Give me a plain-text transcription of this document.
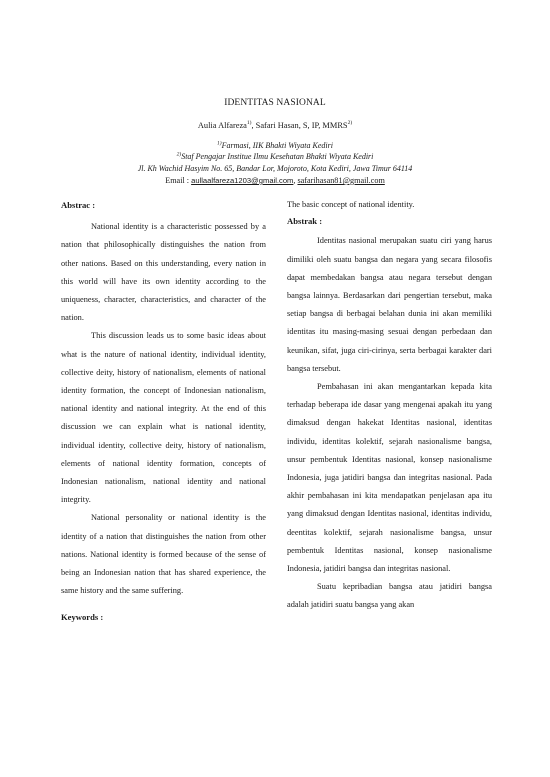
IDENTITAS NASIONAL
Aulia Alfareza$^{1)}$, Safari Hasan, S, IP, MMRS$^{2)}$
$^{1)}$Farmasi, IIK Bhakti Wiyata Kediri
$^{2)}$Staf Pengajar Institue Ilmu Kesehatan Bhakti Wiyata Kediri
Jl. Kh Wachid Hasyim No. 65, Bandar Lor, Mojoroto, Kota Kediri, Jawa Timur 64114
Email : aullaalfareza1203@gmail.com, safarihasan81@gmail.com
Abstrac :

National identity is a characteristic possessed by a nation that philosophically distinguishes the nation from other nations. Based on this understanding, every nation in this world will have its own identity according to the uniqueness, character, characteristics, and character of the nation.

This discussion leads us to some basic ideas about what is the nature of national identity, individual identity, collective deity, history of nationalism, elements of national identity formation, the concept of Indonesian nationalism, national identity and national integrity. At the end of this discussion we can explain what is national identity, individual identity, collective deity, history of nationalism, elements of national identity formation, concepts of Indonesian nationalism, national identity and national integrity.

National personality or national identity is the identity of a nation that distinguishes the nation from other nations. National identity is formed because of the sense of being an Indonesian nation that has shared experience, the same history and the same suffering.

Keywords :

The basic concept of national identity.

Abstrak :

Identitas nasional merupakan suatu ciri yang harus dimiliki oleh suatu bangsa dan negara yang secara filosofis dapat membedakan bangsa atau negara tersebut dengan bangsa lainnya. Berdasarkan dari pengertian tersebut, maka setiap bangsa di berbagai belahan dunia ini akan memiliki identitas itu masing-masing sesuai dengan perbedaan dan keunikan, sifat, juga ciri-cirinya, serta berbagai karakter dari bangsa tersebut.

Pembahasan ini akan mengantarkan kepada kita terhadap beberapa ide dasar yang mengenai apakah itu yang dimaksud dengan hakekat Identitas nasional, identitas individu, identitas kolektif, sejarah nasionalisme bangsa, unsur pembentuk Identitas nasional, konsep nasionalisme Indonesia, juga jatidiri bangsa dan integritas nasional. Pada akhir pembahasan ini kita mendapatkan penjelasan apa itu yang dimaksud dengan Identitas nasional, identitas individu, deentitas kolektif, sejarah nasionalisme bangsa, unsur pembentuk Identitas nasional, konsep nasionalisme Indonesia, jatidiri bangsa dan integritas nasional.

Suatu kepribadian bangsa atau jatidiri bangsa adalah jatidiri suatu bangsa yang akan
